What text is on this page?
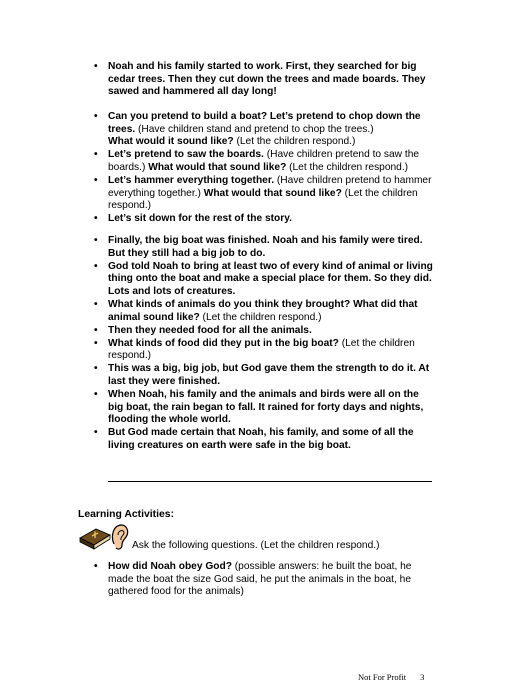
• Noah and his family started to work. First, they searched for big cedar trees. Then they cut down the trees and made boards. They sawed and hammered all day long!
• Can you pretend to build a boat? Let’s pretend to chop down the trees. (Have children stand and pretend to chop the trees.)
What would it sound like? (Let the children respond.)
• Let’s pretend to saw the boards. (Have children pretend to saw the boards.) What would that sound like? (Let the children respond.)
• Let’s hammer everything together. (Have children pretend to hammer everything together.) What would that sound like? (Let the children respond.)
• Let’s sit down for the rest of the story.
• Finally, the big boat was finished. Noah and his family were tired. But they still had a big job to do.
• God told Noah to bring at least two of every kind of animal or living thing onto the boat and make a special place for them. So they did. Lots and lots of creatures.
• What kinds of animals do you think they brought? What did that animal sound like? (Let the children respond.)
• Then they needed food for all the animals.
• What kinds of food did they put in the big boat? (Let the children respond.)
• This was a big, big job, but God gave them the strength to do it. At last they were finished.
• When Noah, his family and the animals and birds were all on the big boat, the rain began to fall. It rained for forty days and nights, flooding the whole world.
• But God made certain that Noah, his family, and some of all the living creatures on earth were safe in the big boat.
Learning Activities:
Ask the following questions. (Let the children respond.)
• How did Noah obey God? (possible answers: he built the boat, he made the boat the size God said, he put the animals in the boat, he gathered food for the animals)
Not For Profit 3
